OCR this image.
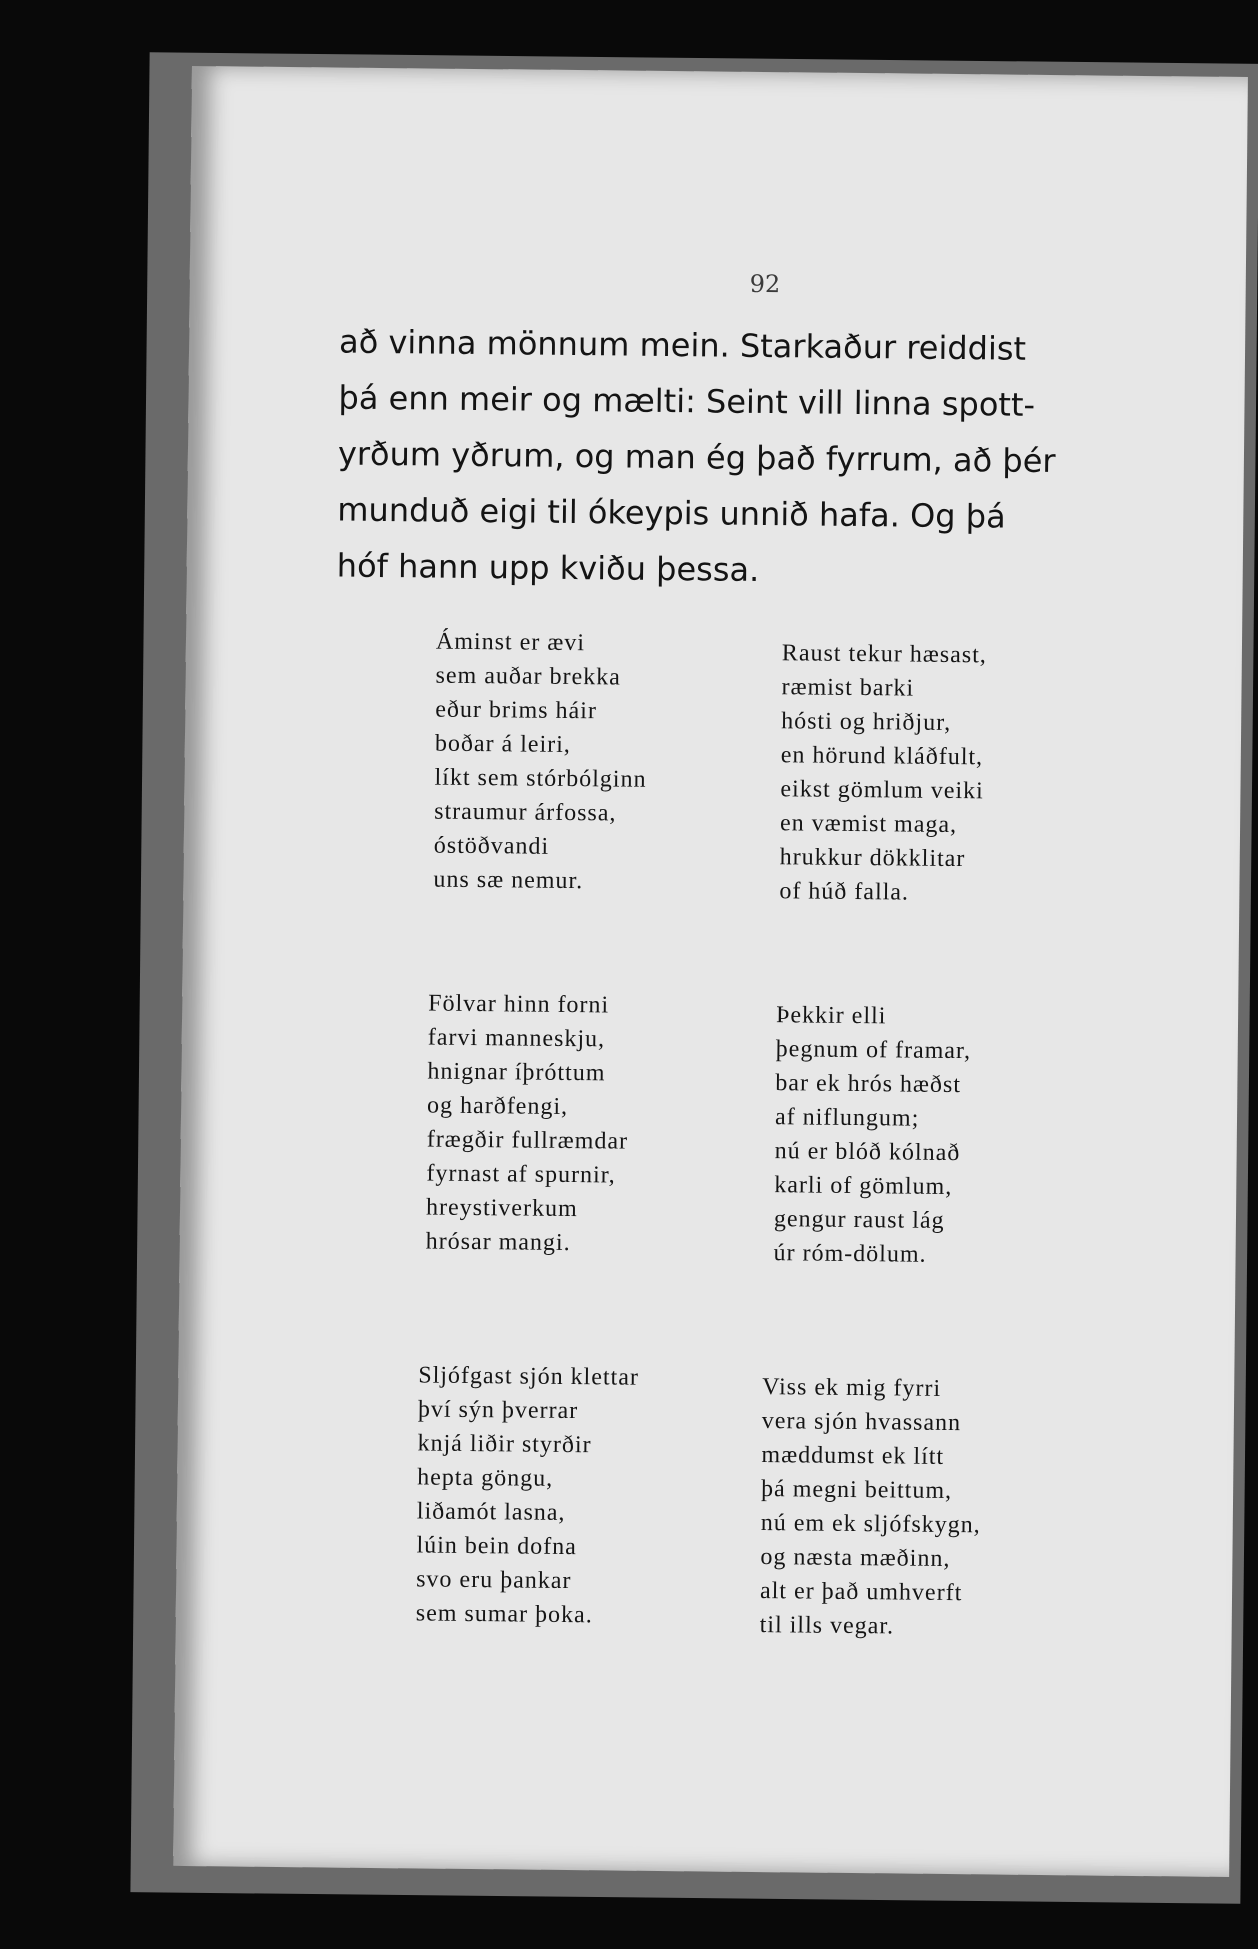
92

að vinna mönnum mein. Starkaður reiddist
þá enn meir og mælti: Seint vill linna spott-
yrðum yðrum, og man ég það fyrrum, að þér
munduð eigi til ókeypis unnið hafa. Og þá
hóf hann upp kviðu þessa.

Áminst er ævi
sem auðar brekka
eður brims háir
boðar á leiri,
líkt sem stórbólginn
straumur árfossa,
óstöðvandi
uns sæ nemur.

Raust tekur hæsast,
ræmist barki
hósti og hriðjur,
en hörund kláðfult,
eikst gömlum veiki
en væmist maga,
hrukkur dökklitar
of húð falla.

Fölvar hinn forni
farvi manneskju,
hnignar íþróttum
og harðfengi,
frægðir fullræmdar
fyrnast af spurnir,
hreystiverkum
hrósar mangi.

Þekkir elli
þegnum of framar,
bar ek hrós hæðst
af niflungum;
nú er blóð kólnað
karli of gömlum,
gengur raust lág
úr róm-dölum.

Sljófgast sjón klettar
því sýn þverrar
knjá liðir styrðir
hepta göngu,
liðamót lasna,
lúin bein dofna
svo eru þankar
sem sumar þoka.

Viss ek mig fyrri
vera sjón hvassann
mæddumst ek lítt
þá megni beittum,
nú em ek sljófskygn,
og næsta mæðinn,
alt er það umhverft
til ills vegar.
